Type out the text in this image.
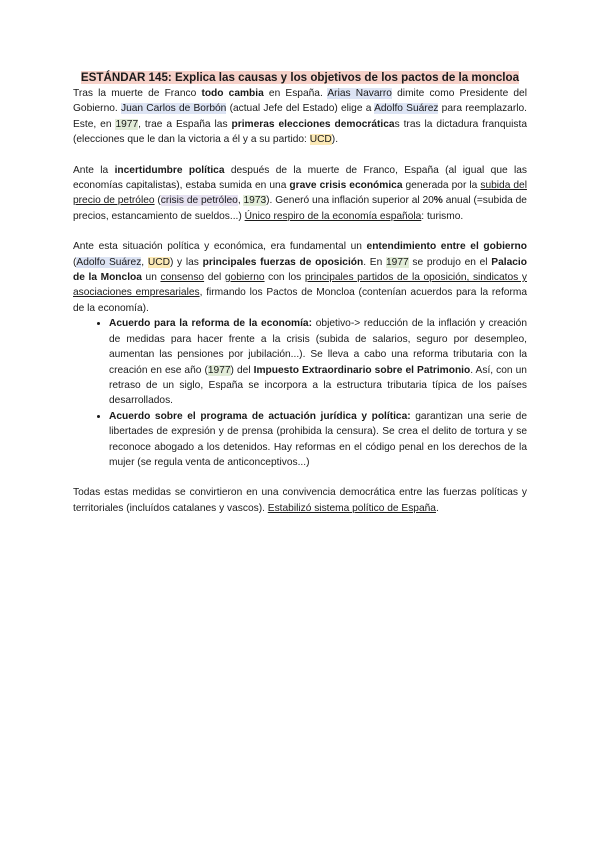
ESTÁNDAR 145: Explica las causas y los objetivos de los pactos de la moncloa

Tras la muerte de Franco todo cambia en España. Arias Navarro dimite como Presidente del Gobierno. Juan Carlos de Borbón (actual Jefe del Estado) elige a Adolfo Suárez para reemplazarlo. Este, en 1977, trae a España las primeras elecciones democráticas tras la dictadura franquista (elecciones que le dan la victoria a él y a su partido: UCD).

Ante la incertidumbre política después de la muerte de Franco, España (al igual que las economías capitalistas), estaba sumida en una grave crisis económica generada por la subida del precio de petróleo (crisis de petróleo, 1973). Generó una inflación superior al 20% anual (=subida de precios, estancamiento de sueldos...) Único respiro de la economía española: turismo.

Ante esta situación política y económica, era fundamental un entendimiento entre el gobierno (Adolfo Suárez, UCD) y las principales fuerzas de oposición. En 1977 se produjo en el Palacio de la Moncloa un consenso del gobierno con los principales partidos de la oposición, sindicatos y asociaciones empresariales, firmando los Pactos de Moncloa (contenían acuerdos para la reforma de la economía).

• Acuerdo para la reforma de la economía: objetivo-> reducción de la inflación y creación de medidas para hacer frente a la crisis (subida de salarios, seguro por desempleo, aumentan las pensiones por jubilación...). Se lleva a cabo una reforma tributaria con la creación en ese año (1977) del Impuesto Extraordinario sobre el Patrimonio. Así, con un retraso de un siglo, España se incorpora a la estructura tributaria típica de los países desarrollados.
• Acuerdo sobre el programa de actuación jurídica y política: garantizan una serie de libertades de expresión y de prensa (prohibida la censura). Se crea el delito de tortura y se reconoce abogado a los detenidos. Hay reformas en el código penal en los derechos de la mujer (se regula venta de anticonceptivos...)

Todas estas medidas se convirtieron en una convivencia democrática entre las fuerzas políticas y territoriales (incluídos catalanes y vascos). Estabilizó sistema político de España.
